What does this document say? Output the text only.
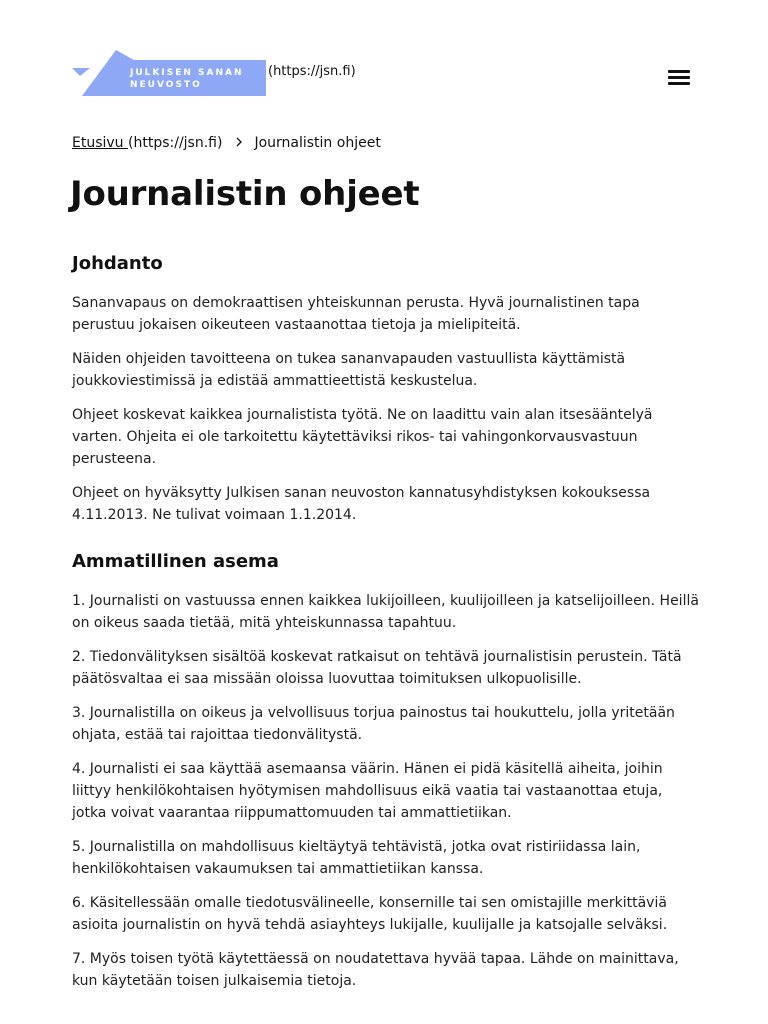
JULKISEN SANAN
NEUVOSTO
(https://jsn.fi)
Etusivu (https://jsn.fi) Journalistin ohjeet
Journalistin ohjeet
Johdanto

Sananvapaus on demokraattisen yhteiskunnan perusta. Hyvä journalistinen tapa perustuu jokaisen oikeuteen vastaanottaa tietoja ja mielipiteitä.

Näiden ohjeiden tavoitteena on tukea sananvapauden vastuullista käyttämistä joukkoviestimissä ja edistää ammattieettistä keskustelua.

Ohjeet koskevat kaikkea journalistista työtä. Ne on laadittu vain alan itsesääntelyä varten. Ohjeita ei ole tarkoitettu käytettäviksi rikos- tai vahingonkorvausvastuun perusteena.

Ohjeet on hyväksytty Julkisen sanan neuvoston kannatusyhdistyksen kokouksessa 4.11.2013. Ne tulivat voimaan 1.1.2014.

Ammatillinen asema

1. Journalisti on vastuussa ennen kaikkea lukijoilleen, kuulijoilleen ja katselijoilleen. Heillä on oikeus saada tietää, mitä yhteiskunnassa tapahtuu.

2. Tiedonvälityksen sisältöä koskevat ratkaisut on tehtävä journalistisin perustein. Tätä päätösvaltaa ei saa missään oloissa luovuttaa toimituksen ulkopuolisille.

3. Journalistilla on oikeus ja velvollisuus torjua painostus tai houkuttelu, jolla yritetään ohjata, estää tai rajoittaa tiedonvälitystä.

4. Journalisti ei saa käyttää asemaansa väärin. Hänen ei pidä käsitellä aiheita, joihin liittyy henkilökohtaisen hyötymisen mahdollisuus eikä vaatia tai vastaanottaa etuja, jotka voivat vaarantaa riippumattomuuden tai ammattietiikan.

5. Journalistilla on mahdollisuus kieltäytyä tehtävistä, jotka ovat ristiriidassa lain, henkilökohtaisen vakaumuksen tai ammattietiikan kanssa.

6. Käsitellessään omalle tiedotusvälineelle, konsernille tai sen omistajille merkittäviä asioita journalistin on hyvä tehdä asiayhteys lukijalle, kuulijalle ja katsojalle selväksi.

7. Myös toisen työtä käytettäessä on noudatettava hyvää tapaa. Lähde on mainittava, kun käytetään toisen julkaisemia tietoja.
